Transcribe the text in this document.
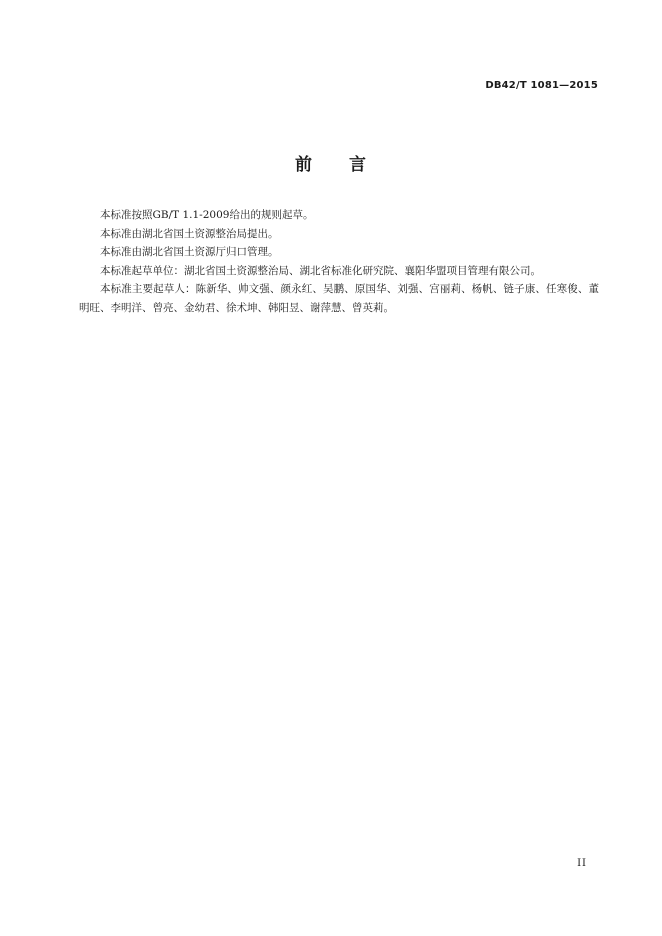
DB42/T 1081—2015
前 言

本标准按照GB/T 1.1-2009给出的规则起草。

本标准由湖北省国土资源整治局提出。

本标准由湖北省国土资源厅归口管理。

本标准起草单位：湖北省国土资源整治局、湖北省标准化研究院、襄阳华盟项目管理有限公司。

本标准主要起草人：陈新华、帅文强、颜永红、吴鹏、原国华、刘强、宫丽莉、杨帆、链子康、任寒俊、董明旺、李明洋、曾亮、金幼君、徐术坤、韩阳昱、谢萍慧、曾英莉。

II
